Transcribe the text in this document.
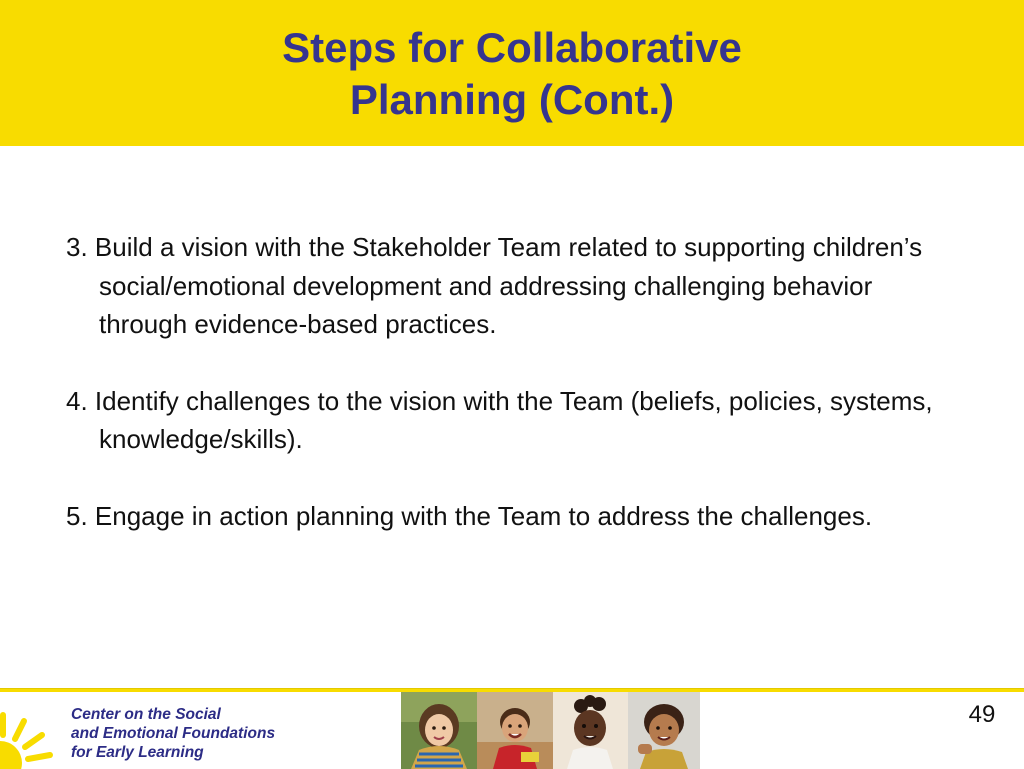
Steps for Collaborative
Planning (Cont.)

3. Build a vision with the Stakeholder Team related to supporting children’s social/emotional development and addressing challenging behavior through evidence-based practices.

4. Identify challenges to the vision with the Team (beliefs, policies, systems, knowledge/skills).

5. Engage in action planning with the Team to address the challenges.

Center on the Social
and Emotional Foundations
for Early Learning
49
